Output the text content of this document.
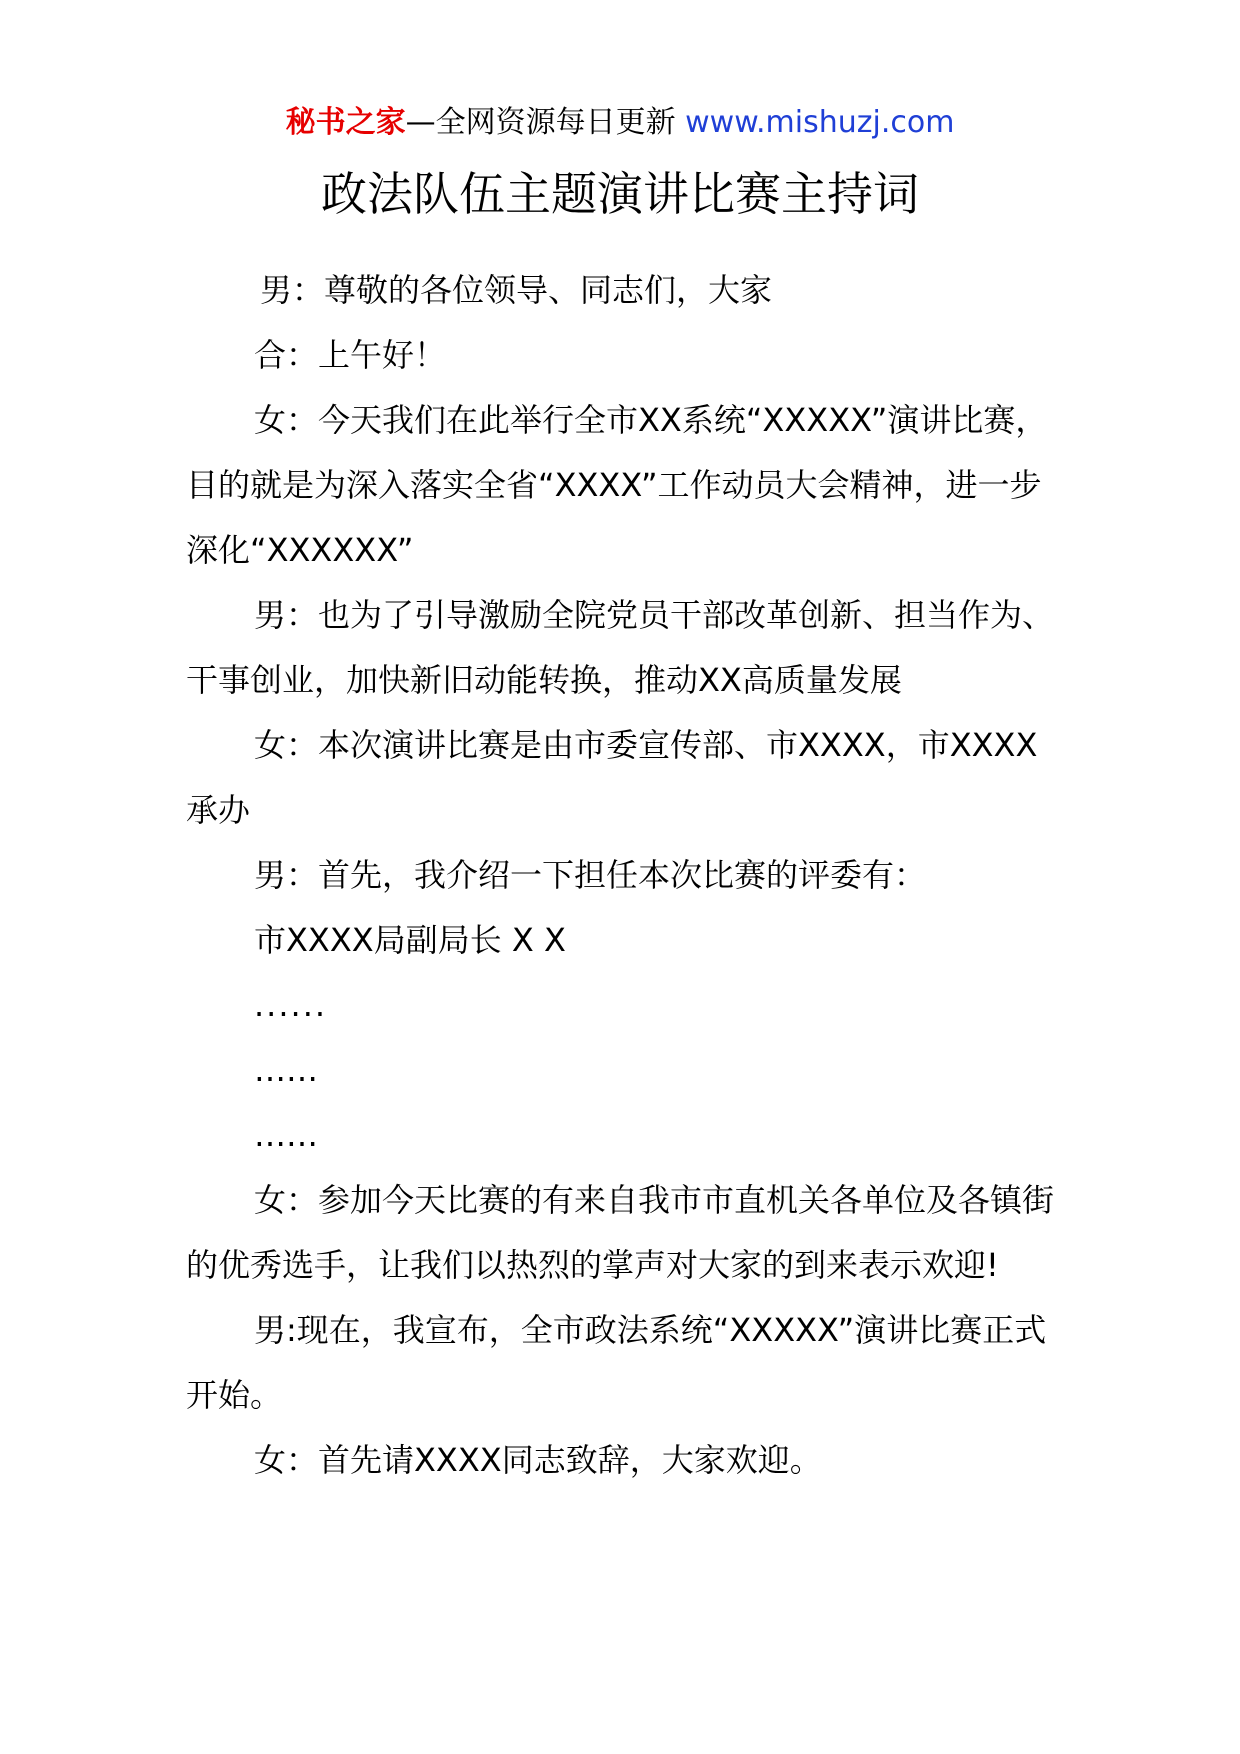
秘书之家—全网资源每日更新 www.mishuzj.com
政法队伍主题演讲比赛主持词

男：尊敬的各位领导、同志们，大家

合：上午好！

女：今天我们在此举行全市XX系统“XXXXX”演讲比赛，目的就是为深入落实全省“XXXX”工作动员大会精神，进一步深化“XXXXXX”

男：也为了引导激励全院党员干部改革创新、担当作为、干事创业，加快新旧动能转换，推动XX高质量发展

女：本次演讲比赛是由市委宣传部、市XXXX，市XXXX承办

男：首先，我介绍一下担任本次比赛的评委有：

市XXXX局副局长 X X

......

……

……

女：参加今天比赛的有来自我市市直机关各单位及各镇街的优秀选手，让我们以热烈的掌声对大家的到来表示欢迎!

男:现在，我宣布，全市政法系统“XXXXX”演讲比赛正式开始。

女：首先请XXXX同志致辞，大家欢迎。
